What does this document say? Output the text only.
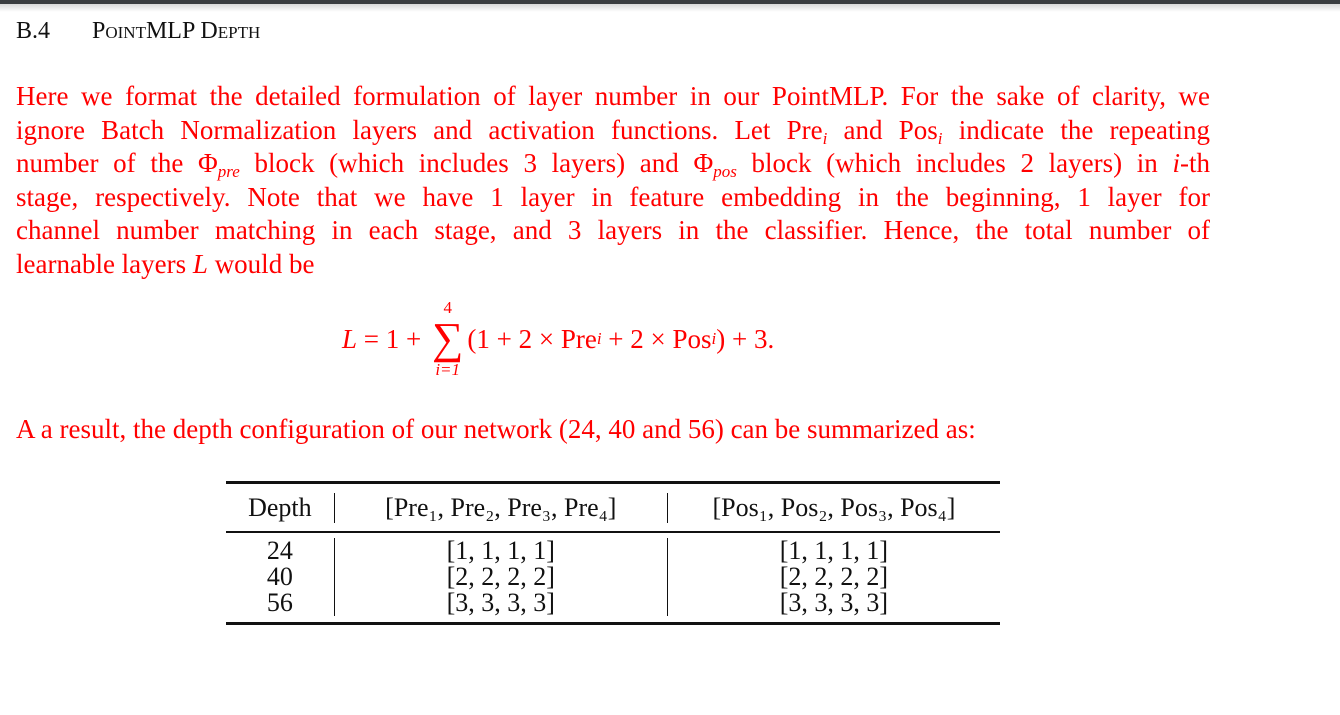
B.4 PointMLP Depth
Here we format the detailed formulation of layer number in our PointMLP. For the sake of clarity, we
ignore Batch Normalization layers and activation functions. Let Pre$_i$ and Pos$_i$ indicate the repeating
number of the $\Phi_{pre}$ block (which includes 3 layers) and $\Phi_{pos}$ block (which includes 2 layers) in i-th
stage, respectively. Note that we have 1 layer in feature embedding in the beginning, 1 layer for
channel number matching in each stage, and 3 layers in the classifier. Hence, the total number of
learnable layers L would be
L = 1 +
4
∑
i=1
(1 + 2 × Pre i + 2 × Pos i ) + 3.
A a result, the depth configuration of our network (24, 40 and 56) can be summarized as:
Depth	[Pre₁, Pre₂, Pre₃, Pre₄]	[Pos₁, Pos₂, Pos₃, Pos₄]
24
40
56
[1, 1, 1, 1]
[2, 2, 2, 2]
[3, 3, 3, 3]
[1, 1, 1, 1]
[2, 2, 2, 2]
[3, 3, 3, 3]
